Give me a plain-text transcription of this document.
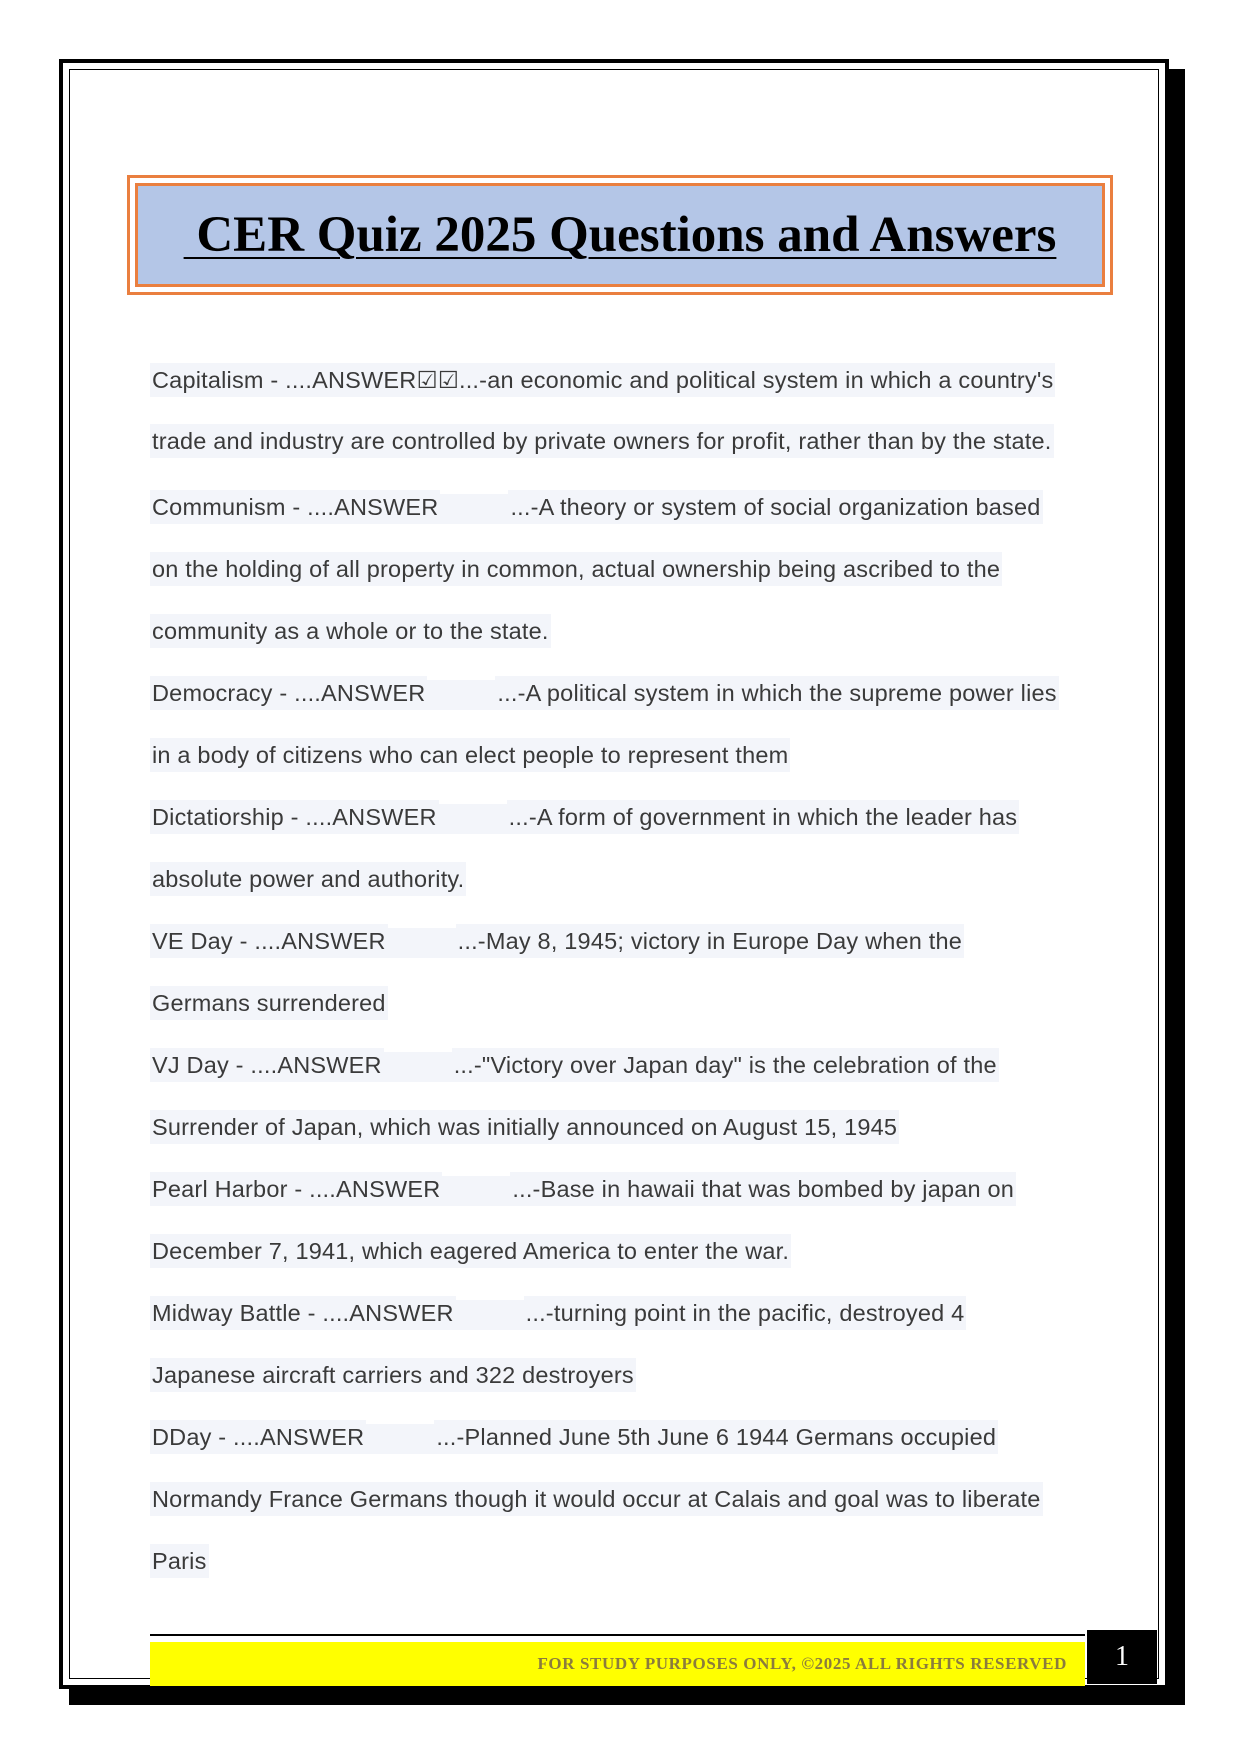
CER Quiz 2025 Questions and Answers
Capitalism - ....ANSWER☑☑...-an economic and political system in which a country's
trade and industry are controlled by private owners for profit, rather than by the state.
Communism - ....ANSWER	...-A theory or system of social organization based
on the holding of all property in common, actual ownership being ascribed to the
community as a whole or to the state.
Democracy - ....ANSWER	...-A political system in which the supreme power lies
in a body of citizens who can elect people to represent them
Dictatiorship - ....ANSWER	...-A form of government in which the leader has
absolute power and authority.
VE Day - ....ANSWER	...-May 8, 1945; victory in Europe Day when the
Germans surrendered
VJ Day - ....ANSWER	...-"Victory over Japan day" is the celebration of the
Surrender of Japan, which was initially announced on August 15, 1945
Pearl Harbor - ....ANSWER	...-Base in hawaii that was bombed by japan on
December 7, 1941, which eagered America to enter the war.
Midway Battle - ....ANSWER	...-turning point in the pacific, destroyed 4
Japanese aircraft carriers and 322 destroyers
DDay - ....ANSWER	...-Planned June 5th June 6 1944 Germans occupied
Normandy France Germans though it would occur at Calais and goal was to liberate
Paris
FOR STUDY PURPOSES ONLY, ©2025 ALL RIGHTS RESERVED	1
